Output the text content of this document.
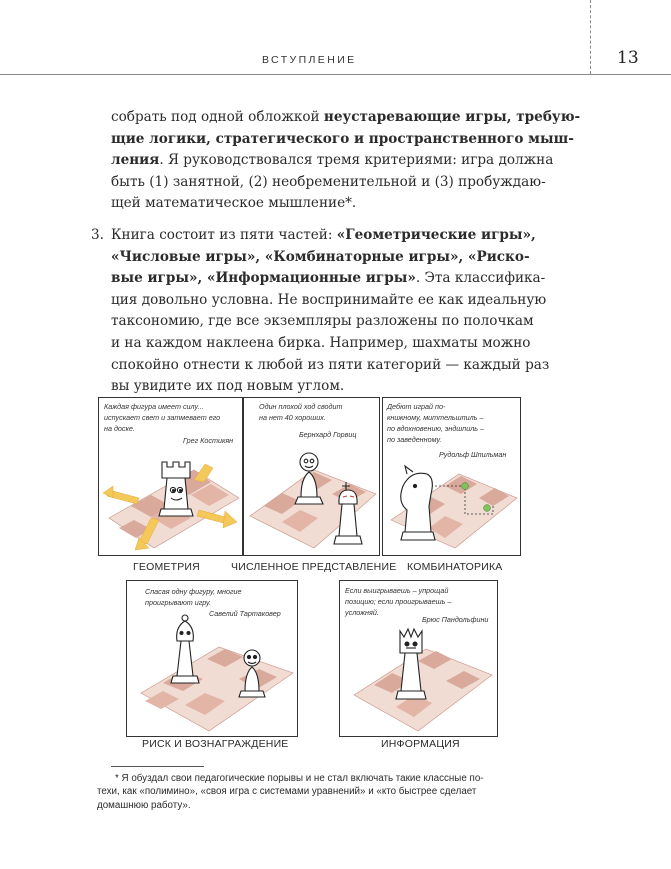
ВСТУПЛЕНИЕ	13

собрать под одной обложкой неустаревающие игры, требую-

щие логики, стратегического и пространственного мыш-

ления. Я руководствовался тремя критериями: игра должна

быть (1) занятной, (2) необременительной и (3) пробуждаю-

щей математическое мышление*.

3. Книга состоит из пяти частей: «Геометрические игры»,

«Числовые игры», «Комбинаторные игры», «Риско-

вые игры», «Информационные игры». Эта классифика-

ция довольно условна. Не воспринимайте ее как идеальную

таксономию, где все экземпляры разложены по полочкам

и на каждом наклеена бирка. Например, шахматы можно

спокойно отнести к любой из пяти категорий — каждый раз

вы увидите их под новым углом.

Каждая фигура имеет силу...
испускает свет и затмевает его
на доске.
Грег Костикян
ГЕОМЕТРИЯ
Один плохой ход сводит
на нет 40 хороших.
Бернхард Горвиц
ЧИСЛЕННОЕ ПРЕДСТАВЛЕНИЕ
Дебют играй по-
книжному, миттельшпиль –
по вдохновению, эндшпиль –
по заведенному.
Рудольф Шпильман
КОМБИНАТОРИКА
Спасая одну фигуру, многие
проигрывают игру.
Савелий Тартаковер
РИСК И ВОЗНАГРАЖДЕНИЕ
Если выигрываешь – упрощай
позицию; если проигрываешь –
усложняй.
Брюс Пандольфини
ИНФОРМАЦИЯ

* Я обуздал свои педагогические порывы и не стал включать такие классные по-

техи, как «полимино», «своя игра с системами уравнений» и «кто быстрее сделает

домашнюю работу».
